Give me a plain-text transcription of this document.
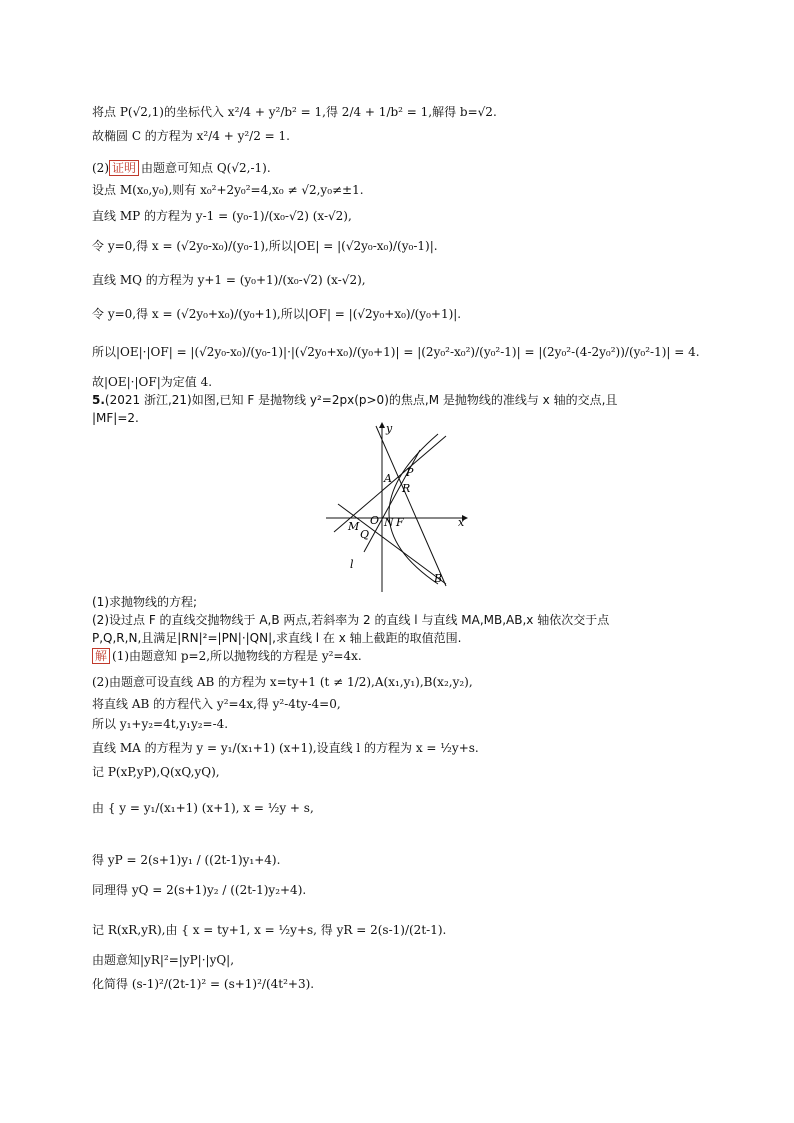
将点 P(√2,1)的坐标代入 x²/4 + y²/b² = 1,得 2/4 + 1/b² = 1,解得 b=√2.
故椭圆 C 的方程为 x²/4 + y²/2 = 1.
(2) 证明 由题意可知点 Q(√2,-1).
设点 M(x₀,y₀),则有 x₀²+2y₀²=4,x₀ ≠ √2,y₀≠±1.
直线 MP 的方程为 y-1 = (y₀-1)/(x₀-√2) (x-√2),
令 y=0,得 x = (√2y₀-x₀)/(y₀-1),所以|OE| = |(√2y₀-x₀)/(y₀-1)|.
直线 MQ 的方程为 y+1 = (y₀+1)/(x₀-√2) (x-√2),
令 y=0,得 x = (√2y₀+x₀)/(y₀+1),所以|OF| = |(√2y₀+x₀)/(y₀+1)|.
所以|OE|·|OF| = |(√2y₀-x₀)/(y₀-1)|·|(√2y₀+x₀)/(y₀+1)| = |(2y₀²-x₀²)/(y₀²-1)| = |(2y₀²-(4-2y₀²))/(y₀²-1)| = 4.
故|OE|·|OF|为定值 4.
5.(2021 浙江,21)如图,已知 F 是抛物线 y²=2px(p>0)的焦点,M 是抛物线的准线与 x 轴的交点,且
|MF|=2.
y
x
A P
R
M O N F
Q
l
B
(1)求抛物线的方程;
(2)设过点 F 的直线交抛物线于 A,B 两点,若斜率为 2 的直线 l 与直线 MA,MB,AB,x 轴依次交于点
P,Q,R,N,且满足|RN|²=|PN|·|QN|,求直线 l 在 x 轴上截距的取值范围.
解 (1)由题意知 p=2,所以抛物线的方程是 y²=4x.
(2)由题意可设直线 AB 的方程为 x=ty+1 (t ≠ 1/2),A(x₁,y₁),B(x₂,y₂),
将直线 AB 的方程代入 y²=4x,得 y²-4ty-4=0,
所以 y₁+y₂=4t,y₁y₂=-4.
直线 MA 的方程为 y = y₁/(x₁+1) (x+1),设直线 l 的方程为 x = ½y+s.
记 P(xP,yP),Q(xQ,yQ),
由 { y = y₁/(x₁+1) (x+1), x = ½y + s,
得 yP = 2(s+1)y₁ / ((2t-1)y₁+4).
同理得 yQ = 2(s+1)y₂ / ((2t-1)y₂+4).
记 R(xR,yR),由 { x = ty+1, x = ½y+s, 得 yR = 2(s-1)/(2t-1).
由题意知|yR|²=|yP|·|yQ|,
化简得 (s-1)²/(2t-1)² = (s+1)²/(4t²+3).
